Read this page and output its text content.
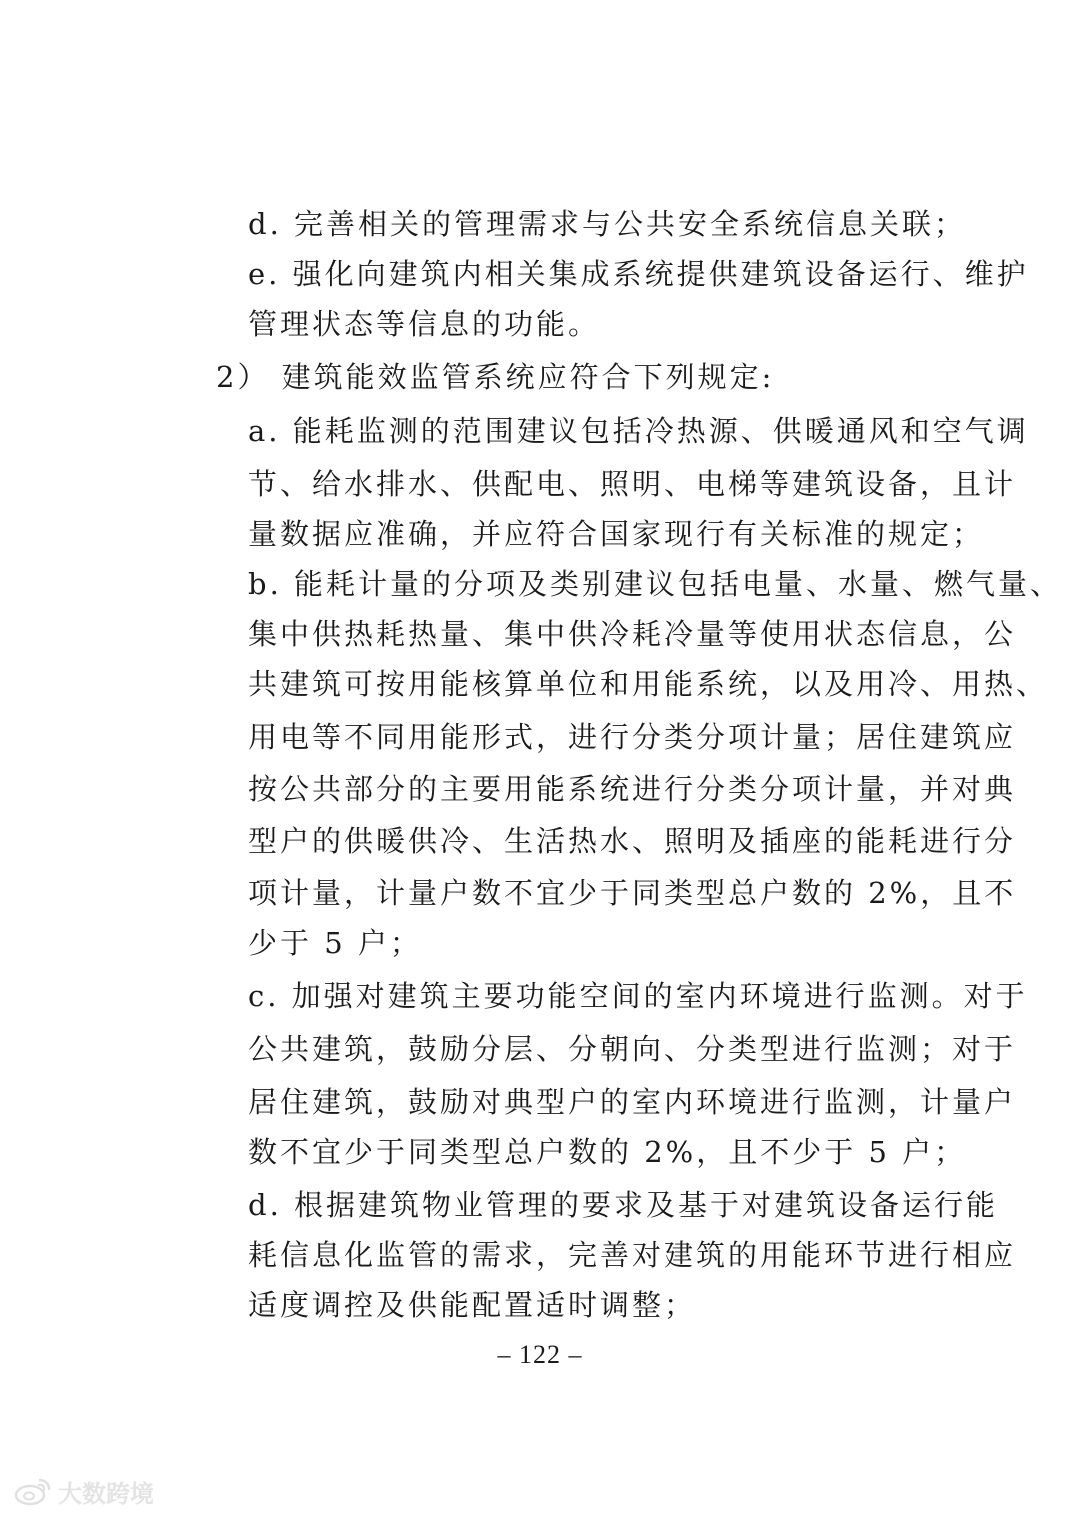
d. 完善相关的管理需求与公共安全系统信息关联；
e. 强化向建筑内相关集成系统提供建筑设备运行、维护
管理状态等信息的功能。
2） 建筑能效监管系统应符合下列规定:
a. 能耗监测的范围建议包括冷热源、供暖通风和空气调
节、给水排水、供配电、照明、电梯等建筑设备，且计
量数据应准确，并应符合国家现行有关标准的规定；
b. 能耗计量的分项及类别建议包括电量、水量、燃气量、
集中供热耗热量、集中供冷耗冷量等使用状态信息，公
共建筑可按用能核算单位和用能系统，以及用冷、用热、
用电等不同用能形式，进行分类分项计量；居住建筑应
按公共部分的主要用能系统进行分类分项计量，并对典
型户的供暖供冷、生活热水、照明及插座的能耗进行分
项计量，计量户数不宜少于同类型总户数的 2%，且不
少于 5 户；
c. 加强对建筑主要功能空间的室内环境进行监测。对于
公共建筑，鼓励分层、分朝向、分类型进行监测；对于
居住建筑，鼓励对典型户的室内环境进行监测，计量户
数不宜少于同类型总户数的 2%，且不少于 5 户；
d. 根据建筑物业管理的要求及基于对建筑设备运行能
耗信息化监管的需求，完善对建筑的用能环节进行相应
适度调控及供能配置适时调整；
– 122 –
大数跨境
